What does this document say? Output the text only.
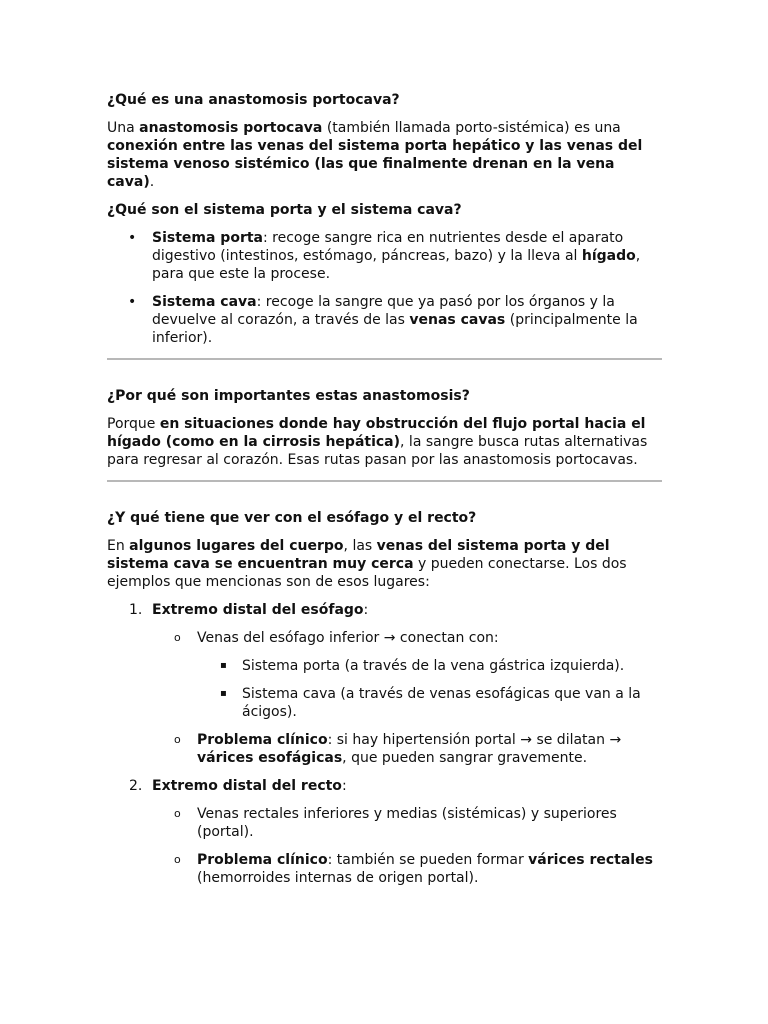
¿Qué es una anastomosis portocava?

Una anastomosis portocava (también llamada porto-sistémica) es una conexión entre las venas del sistema porta hepático y las venas del sistema venoso sistémico (las que finalmente drenan en la vena cava).

¿Qué son el sistema porta y el sistema cava?
• Sistema porta: recoge sangre rica en nutrientes desde el aparato digestivo (intestinos, estómago, páncreas, bazo) y la lleva al hígado, para que este la procese.
• Sistema cava: recoge la sangre que ya pasó por los órganos y la devuelve al corazón, a través de las venas cavas (principalmente la inferior).
¿Por qué son importantes estas anastomosis?

Porque en situaciones donde hay obstrucción del flujo portal hacia el hígado (como en la cirrosis hepática), la sangre busca rutas alternativas para regresar al corazón. Esas rutas pasan por las anastomosis portocavas.

¿Y qué tiene que ver con el esófago y el recto?

En algunos lugares del cuerpo, las venas del sistema porta y del sistema cava se encuentran muy cerca y pueden conectarse. Los dos ejemplos que mencionas son de esos lugares:

1. Extremo distal del esófago:
o Venas del esófago inferior → conectan con:
▪ Sistema porta (a través de la vena gástrica izquierda).
▪ Sistema cava (a través de venas esofágicas que van a la ácigos).
o Problema clínico: si hay hipertensión portal → se dilatan → várices esofágicas, que pueden sangrar gravemente.
2. Extremo distal del recto:
o Venas rectales inferiores y medias (sistémicas) y superiores (portal).
o Problema clínico: también se pueden formar várices rectales (hemorroides internas de origen portal).
